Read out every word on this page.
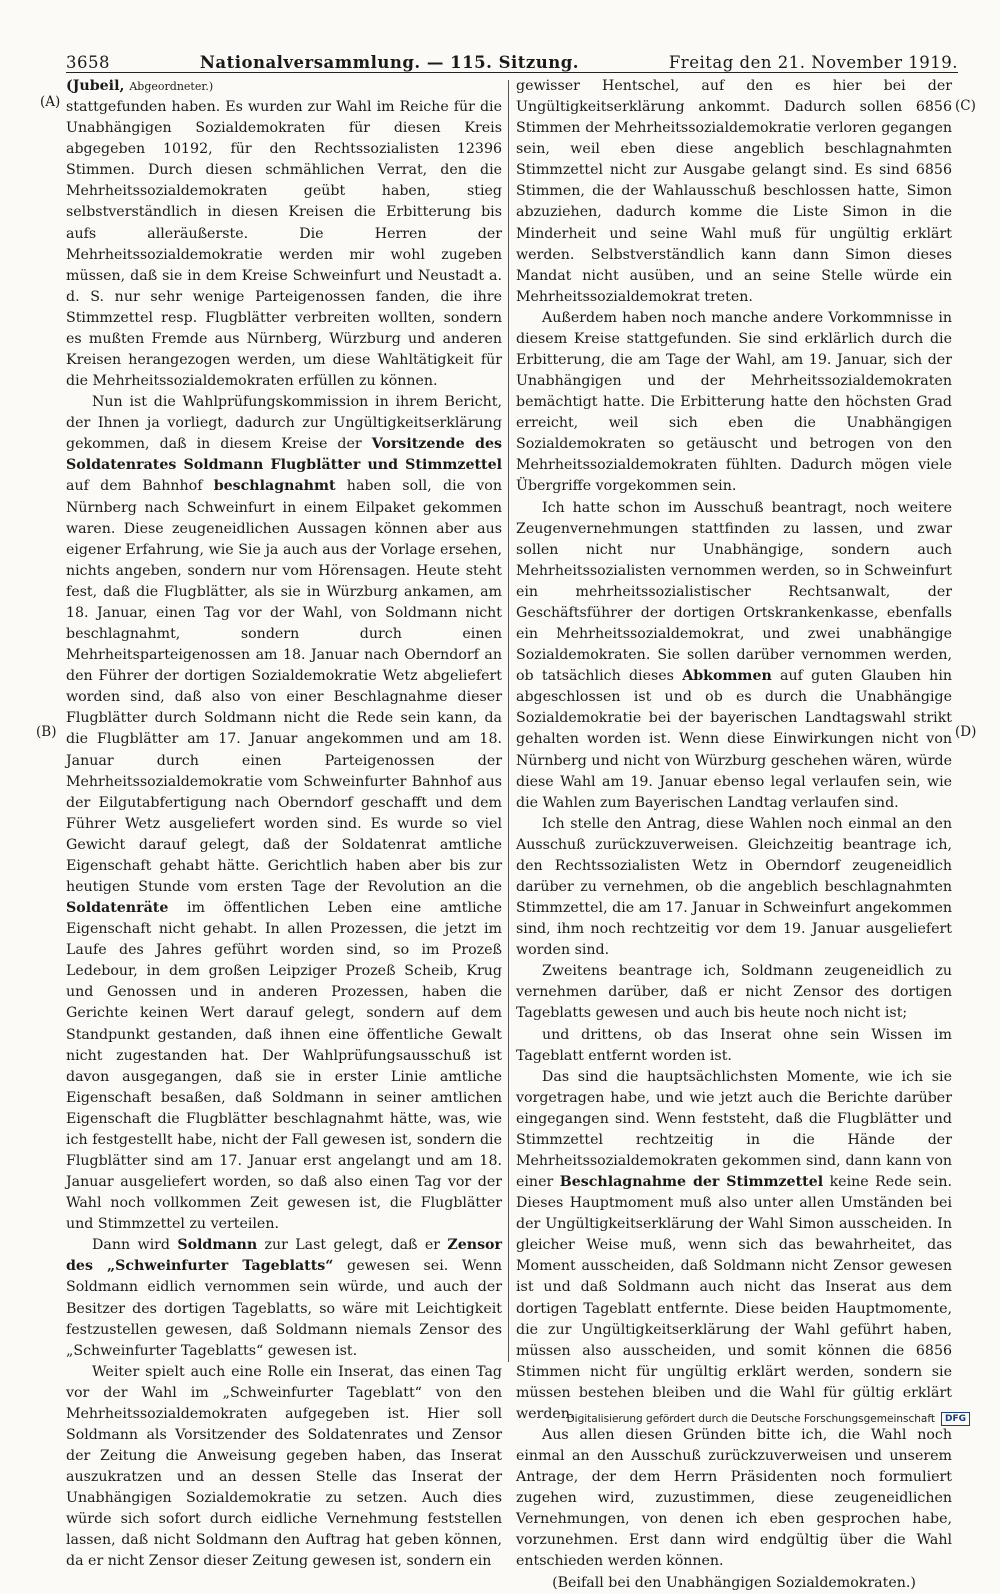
3658	Nationalversammlung. — 115. Sitzung.	Freitag den 21. November 1919.
(A)
(B)
(C)
(D)

(Jubeil, Abgeordneter.)

stattgefunden haben. Es wurden zur Wahl im Reiche für die Unabhängigen Sozialdemokraten für diesen Kreis abgegeben 10192, für den Rechtssozialisten 12396 Stimmen. Durch diesen schmählichen Verrat, den die Mehrheitssozialdemokraten geübt haben, stieg selbstverständlich in diesen Kreisen die Erbitterung bis aufs alleräußerste. Die Herren der Mehrheitssozialdemokratie werden mir wohl zugeben müssen, daß sie in dem Kreise Schweinfurt und Neustadt a. d. S. nur sehr wenige Parteigenossen fanden, die ihre Stimmzettel resp. Flugblätter verbreiten wollten, sondern es mußten Fremde aus Nürnberg, Würzburg und anderen Kreisen herangezogen werden, um diese Wahltätigkeit für die Mehrheitssozialdemokraten erfüllen zu können.

Nun ist die Wahlprüfungskommission in ihrem Bericht, der Ihnen ja vorliegt, dadurch zur Ungültigkeitserklärung gekommen, daß in diesem Kreise der Vorsitzende des Soldatenrates Soldmann Flugblätter und Stimmzettel auf dem Bahnhof beschlagnahmt haben soll, die von Nürnberg nach Schweinfurt in einem Eilpaket gekommen waren. Diese zeugeneidlichen Aussagen können aber aus eigener Erfahrung, wie Sie ja auch aus der Vorlage ersehen, nichts angeben, sondern nur vom Hörensagen. Heute steht fest, daß die Flugblätter, als sie in Würzburg ankamen, am 18. Januar, einen Tag vor der Wahl, von Soldmann nicht beschlagnahmt, sondern durch einen Mehrheitsparteigenossen am 18. Januar nach Oberndorf an den Führer der dortigen Sozialdemokratie Wetz abgeliefert worden sind, daß also von einer Beschlagnahme dieser Flugblätter durch Soldmann nicht die Rede sein kann, da die Flugblätter am 17. Januar angekommen und am 18. Januar durch einen Parteigenossen der Mehrheitssozialdemokratie vom Schweinfurter Bahnhof aus der Eilgutabfertigung nach Oberndorf geschafft und dem Führer Wetz ausgeliefert worden sind. Es wurde so viel Gewicht darauf gelegt, daß der Soldatenrat amtliche Eigenschaft gehabt hätte. Gerichtlich haben aber bis zur heutigen Stunde vom ersten Tage der Revolution an die Soldatenräte im öffentlichen Leben eine amtliche Eigenschaft nicht gehabt. In allen Prozessen, die jetzt im Laufe des Jahres geführt worden sind, so im Prozeß Ledebour, in dem großen Leipziger Prozeß Scheib, Krug und Genossen und in anderen Prozessen, haben die Gerichte keinen Wert darauf gelegt, sondern auf dem Standpunkt gestanden, daß ihnen eine öffentliche Gewalt nicht zugestanden hat. Der Wahlprüfungsausschuß ist davon ausgegangen, daß sie in erster Linie amtliche Eigenschaft besaßen, daß Soldmann in seiner amtlichen Eigenschaft die Flugblätter beschlagnahmt hätte, was, wie ich festgestellt habe, nicht der Fall gewesen ist, sondern die Flugblätter sind am 17. Januar erst angelangt und am 18. Januar ausgeliefert worden, so daß also einen Tag vor der Wahl noch vollkommen Zeit gewesen ist, die Flugblätter und Stimmzettel zu verteilen.

Dann wird Soldmann zur Last gelegt, daß er Zensor des „Schweinfurter Tageblatts“ gewesen sei. Wenn Soldmann eidlich vernommen sein würde, und auch der Besitzer des dortigen Tageblatts, so wäre mit Leichtigkeit festzustellen gewesen, daß Soldmann niemals Zensor des „Schweinfurter Tageblatts“ gewesen ist.

Weiter spielt auch eine Rolle ein Inserat, das einen Tag vor der Wahl im „Schweinfurter Tageblatt“ von den Mehrheitssozialdemokraten aufgegeben ist. Hier soll Soldmann als Vorsitzender des Soldatenrates und Zensor der Zeitung die Anweisung gegeben haben, das Inserat auszukratzen und an dessen Stelle das Inserat der Unabhängigen Sozialdemokratie zu setzen. Auch dies würde sich sofort durch eidliche Vernehmung feststellen lassen, daß nicht Soldmann den Auftrag hat geben können, da er nicht Zensor dieser Zeitung gewesen ist, sondern ein

gewisser Hentschel, auf den es hier bei der Ungültigkeitserklärung ankommt. Dadurch sollen 6856 Stimmen der Mehrheitssozialdemokratie verloren gegangen sein, weil eben diese angeblich beschlagnahmten Stimmzettel nicht zur Ausgabe gelangt sind. Es sind 6856 Stimmen, die der Wahlausschuß beschlossen hatte, Simon abzuziehen, dadurch komme die Liste Simon in die Minderheit und seine Wahl muß für ungültig erklärt werden. Selbstverständlich kann dann Simon dieses Mandat nicht ausüben, und an seine Stelle würde ein Mehrheitssozialdemokrat treten.

Außerdem haben noch manche andere Vorkommnisse in diesem Kreise stattgefunden. Sie sind erklärlich durch die Erbitterung, die am Tage der Wahl, am 19. Januar, sich der Unabhängigen und der Mehrheitssozialdemokraten bemächtigt hatte. Die Erbitterung hatte den höchsten Grad erreicht, weil sich eben die Unabhängigen Sozialdemokraten so getäuscht und betrogen von den Mehrheitssozialdemokraten fühlten. Dadurch mögen viele Übergriffe vorgekommen sein.

Ich hatte schon im Ausschuß beantragt, noch weitere Zeugenvernehmungen stattfinden zu lassen, und zwar sollen nicht nur Unabhängige, sondern auch Mehrheitssozialisten vernommen werden, so in Schweinfurt ein mehrheitssozialistischer Rechtsanwalt, der Geschäftsführer der dortigen Ortskrankenkasse, ebenfalls ein Mehrheitssozialdemokrat, und zwei unabhängige Sozialdemokraten. Sie sollen darüber vernommen werden, ob tatsächlich dieses Abkommen auf guten Glauben hin abgeschlossen ist und ob es durch die Unabhängige Sozialdemokratie bei der bayerischen Landtagswahl strikt gehalten worden ist. Wenn diese Einwirkungen nicht von Nürnberg und nicht von Würzburg geschehen wären, würde diese Wahl am 19. Januar ebenso legal verlaufen sein, wie die Wahlen zum Bayerischen Landtag verlaufen sind.

Ich stelle den Antrag, diese Wahlen noch einmal an den Ausschuß zurückzuverweisen. Gleichzeitig beantrage ich, den Rechtssozialisten Wetz in Oberndorf zeugeneidlich darüber zu vernehmen, ob die angeblich beschlagnahmten Stimmzettel, die am 17. Januar in Schweinfurt angekommen sind, ihm noch rechtzeitig vor dem 19. Januar ausgeliefert worden sind.

Zweitens beantrage ich, Soldmann zeugeneidlich zu vernehmen darüber, daß er nicht Zensor des dortigen Tageblatts gewesen und auch bis heute noch nicht ist;

und drittens, ob das Inserat ohne sein Wissen im Tageblatt entfernt worden ist.

Das sind die hauptsächlichsten Momente, wie ich sie vorgetragen habe, und wie jetzt auch die Berichte darüber eingegangen sind. Wenn feststeht, daß die Flugblätter und Stimmzettel rechtzeitig in die Hände der Mehrheitssozialdemokraten gekommen sind, dann kann von einer Beschlagnahme der Stimmzettel keine Rede sein. Dieses Hauptmoment muß also unter allen Umständen bei der Ungültigkeitserklärung der Wahl Simon ausscheiden. In gleicher Weise muß, wenn sich das bewahrheitet, das Moment ausscheiden, daß Soldmann nicht Zensor gewesen ist und daß Soldmann auch nicht das Inserat aus dem dortigen Tageblatt entfernte. Diese beiden Hauptmomente, die zur Ungültigkeitserklärung der Wahl geführt haben, müssen also ausscheiden, und somit können die 6856 Stimmen nicht für ungültig erklärt werden, sondern sie müssen bestehen bleiben und die Wahl für gültig erklärt werden.

Aus allen diesen Gründen bitte ich, die Wahl noch einmal an den Ausschuß zurückzuverweisen und unserem Antrage, der dem Herrn Präsidenten noch formuliert zugehen wird, zuzustimmen, diese zeugeneidlichen Vernehmungen, von denen ich eben gesprochen habe, vorzunehmen. Erst dann wird endgültig über die Wahl entschieden werden können.

(Beifall bei den Unabhängigen Sozialdemokraten.)

Digitalisierung gefördert durch die Deutsche Forschungsgemeinschaft	DFG
